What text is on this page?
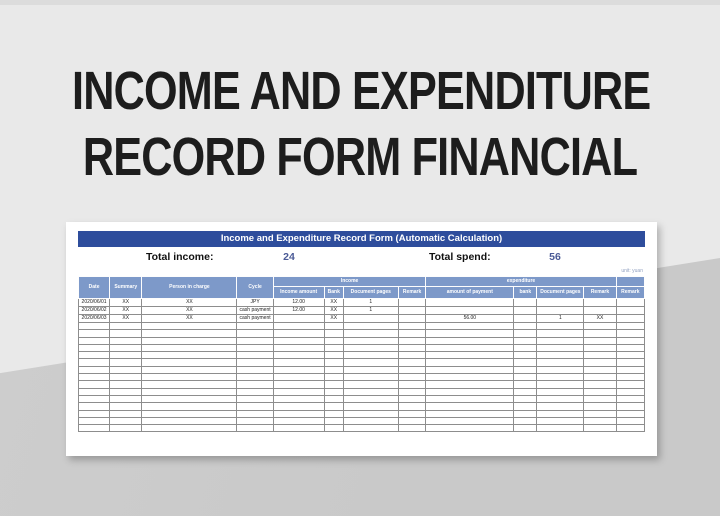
INCOME AND EXPENDITURE
RECORD FORM FINANCIAL
Income and Expenditure Record Form (Automatic Calculation)
Total income:	24	Total spend:	56
unit: yuan
Date	Summary	Person in charge	Cycle	Income				expenditure				
				Income amount	Bank	Document pages	Remark	amount of payment	bank	Document pages	Remark	Remark
2020/06/01	XX	XX	JPY	12.00	XX	1						
2020/06/02	XX	XX	cash payment	12.00	XX	1						
2020/06/03	XX	XX	cash payment		XX			56.00		1	XX	
